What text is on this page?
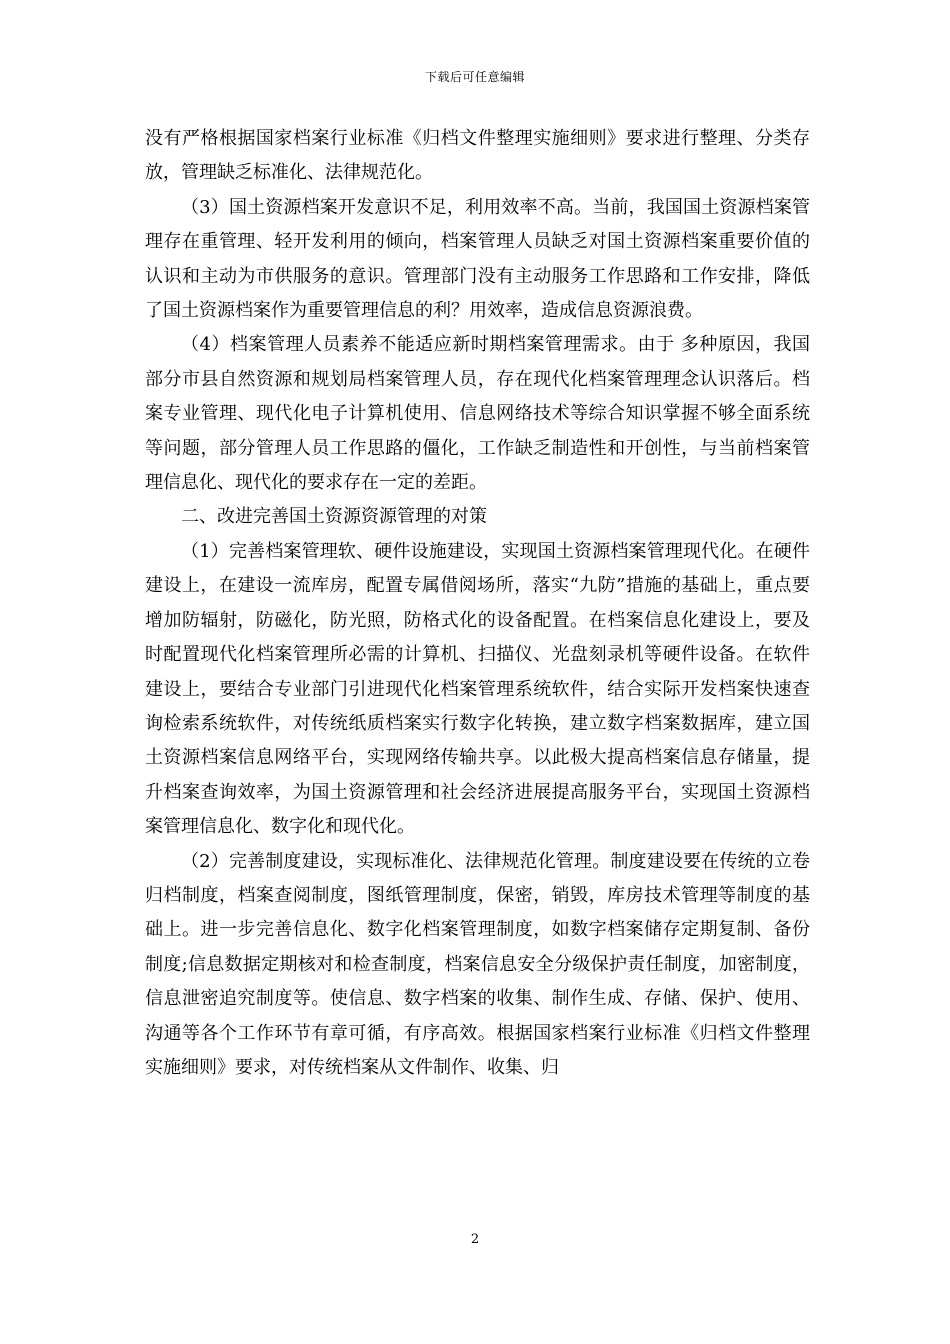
下载后可任意编辑

没有严格根据国家档案行业标准《归档文件整理实施细则》要求进行整理、分类存放，管理缺乏标准化、法律规范化。

（3）国土资源档案开发意识不足，利用效率不高。当前，我国国土资源档案管理存在重管理、轻开发利用的倾向，档案管理人员缺乏对国土资源档案重要价值的认识和主动为市供服务的意识。管理部门没有主动服务工作思路和工作安排，降低了国土资源档案作为重要管理信息的利？用效率，造成信息资源浪费。

（4）档案管理人员素养不能适应新时期档案管理需求。由于 多种原因，我国部分市县自然资源和规划局档案管理人员，存在现代化档案管理理念认识落后。档案专业管理、现代化电子计算机使用、信息网络技术等综合知识掌握不够全面系统等问题，部分管理人员工作思路的僵化，工作缺乏制造性和开创性，与当前档案管理信息化、现代化的要求存在一定的差距。

二、改进完善国土资源资源管理的对策

（1）完善档案管理软、硬件设施建设，实现国土资源档案管理现代化。在硬件建设上，在建设一流库房，配置专属借阅场所，落实“九防”措施的基础上，重点要增加防辐射，防磁化，防光照，防格式化的设备配置。在档案信息化建设上，要及时配置现代化档案管理所必需的计算机、扫描仪、光盘刻录机等硬件设备。在软件建设上，要结合专业部门引进现代化档案管理系统软件，结合实际开发档案快速查询检索系统软件，对传统纸质档案实行数字化转换，建立数字档案数据库，建立国土资源档案信息网络平台，实现网络传输共享。以此极大提高档案信息存储量，提升档案查询效率，为国土资源管理和社会经济进展提高服务平台，实现国土资源档案管理信息化、数字化和现代化。

（2）完善制度建设，实现标准化、法律规范化管理。制度建设要在传统的立卷归档制度，档案查阅制度，图纸管理制度，保密，销毁，库房技术管理等制度的基础上。进一步完善信息化、数字化档案管理制度，如数字档案储存定期复制、备份制度;信息数据定期核对和检查制度，档案信息安全分级保护责任制度，加密制度，信息泄密追究制度等。使信息、数字档案的收集、制作生成、存储、保护、使用、沟通等各个工作环节有章可循，有序高效。根据国家档案行业标准《归档文件整理实施细则》要求，对传统档案从文件制作、收集、归

2
